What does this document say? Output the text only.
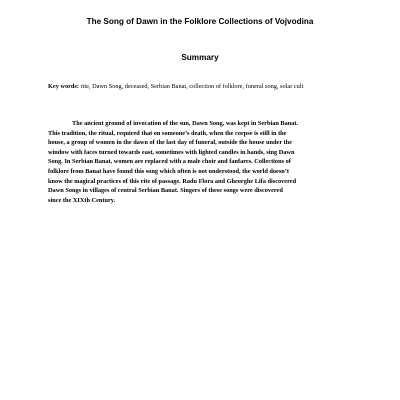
The Song of Dawn in the Folklore Collections of Vojvodina
Summary
Key words: rite, Dawn Song, deceased, Serbian Banat, collection of folklore, funeral song, solar cult
The ancient ground of invocation of the sun, Dawn Song, was kept in Serbian Banat.
This tradition, the ritual, required that on someone’s death, when the corpse is still in the
house, a group of women in the dawn of the last day of funeral, outside the house under the
window with faces turned towards east, sometimes with lighted candles in hands, sing Dawn
Song. In Serbian Banat, women are replaced with a male choir and fanfares. Collections of
folklore from Banat have found this song which often is not understood, the world doesn’t
know the magical practices of this rite of passage. Radu Flora and Gheorghe Lifa discovered
Dawn Songs in villages of central Serbian Banat. Singers of these songs were discovered
since the XIXth Century.
